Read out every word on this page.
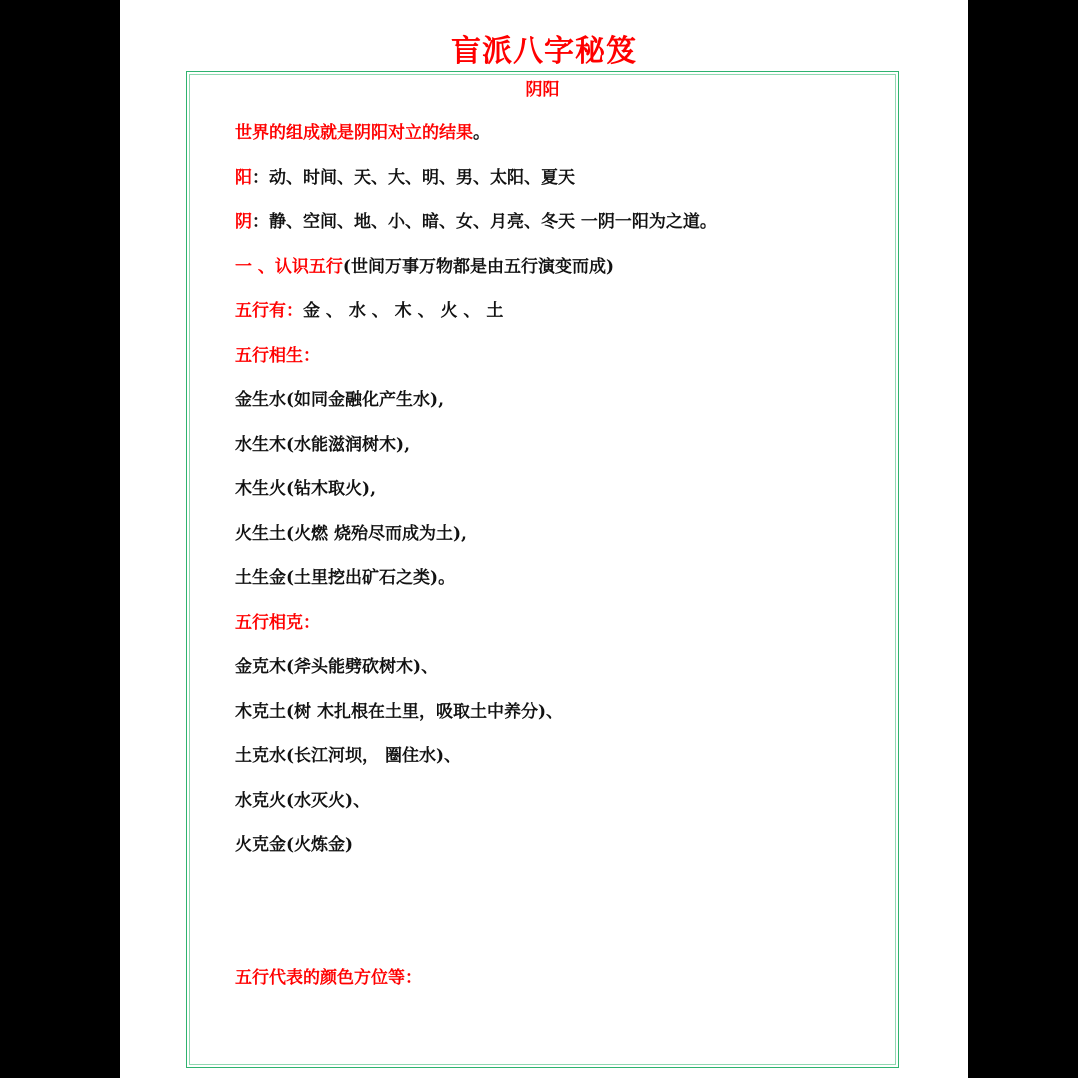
盲派八字秘笈
阴阳
世界的组成就是阴阳对立的结果。
阳：动、时间、天、大、明、男、太阳、夏天
阴：静、空间、地、小、暗、女、月亮、冬天 一阴一阳为之道。
一 、认识五行(世间万事万物都是由五行演变而成)
五行有：金 、 水 、 木 、 火 、 土
五行相生：
金生水(如同金融化产生水),
水生木(水能滋润树木),
木生火(钻木取火),
火生土(火燃 烧殆尽而成为土),
土生金(土里挖出矿石之类)。
五行相克：
金克木(斧头能劈砍树木)、
木克土(树 木扎根在土里，吸取土中养分)、
土克水(长江河坝， 圈住水)、
水克火(水灭火)、
火克金(火炼金)
五行代表的颜色方位等：
